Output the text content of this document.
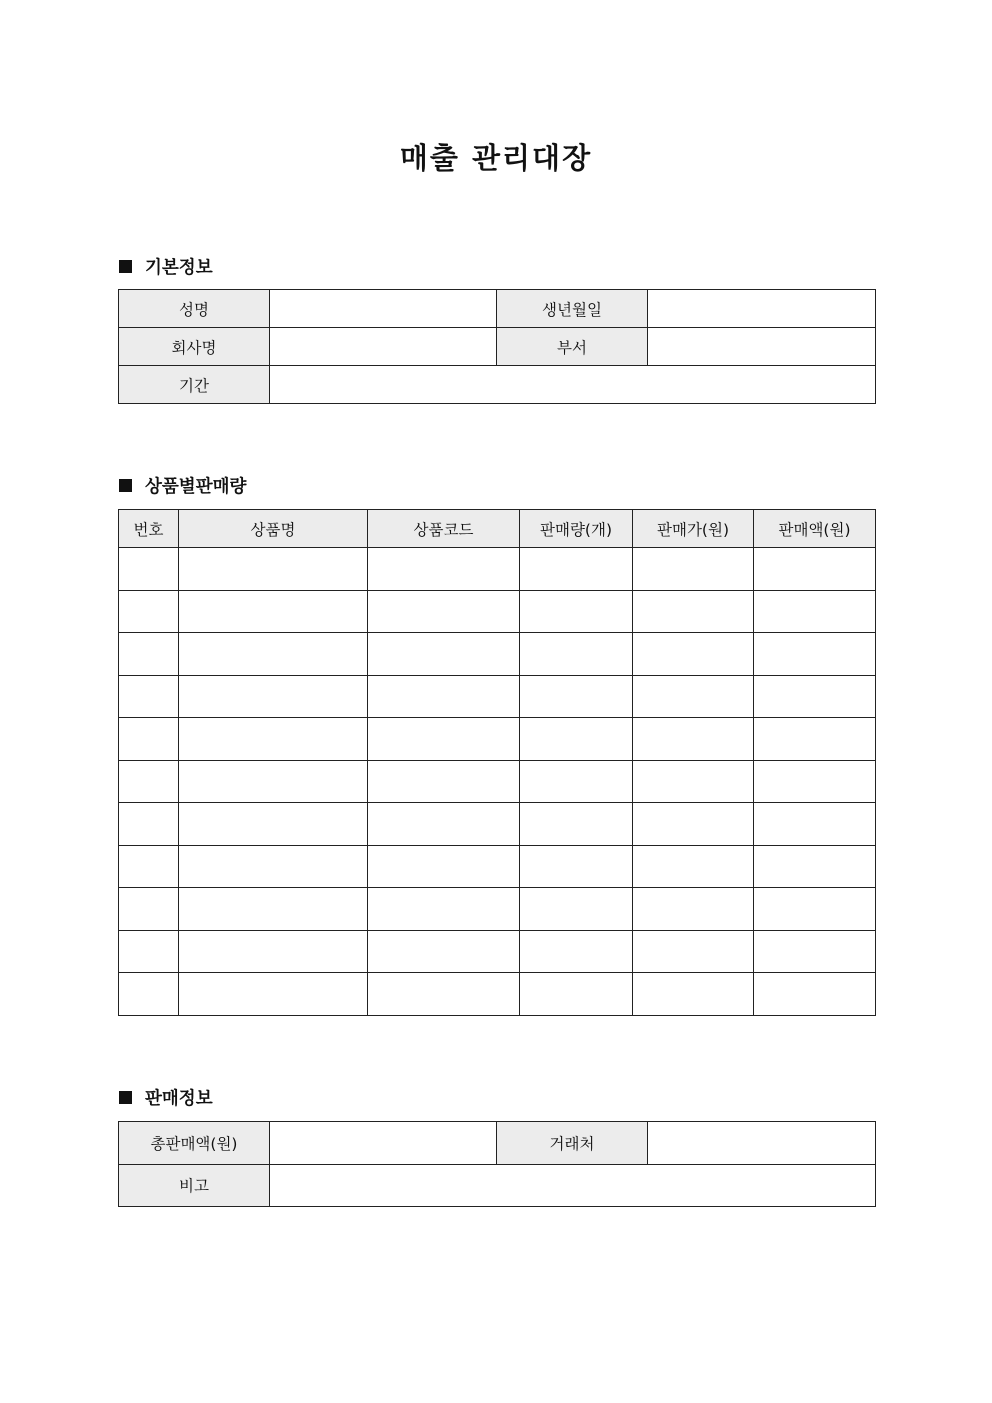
매출 관리대장
기본정보
성명		생년월일	
회사명		부서	
기간			
상품별판매량
번호	상품명	상품코드	판매량(개)	판매가(원)	판매액(원)

판매정보
총판매액(원)		거래처	
비고			
